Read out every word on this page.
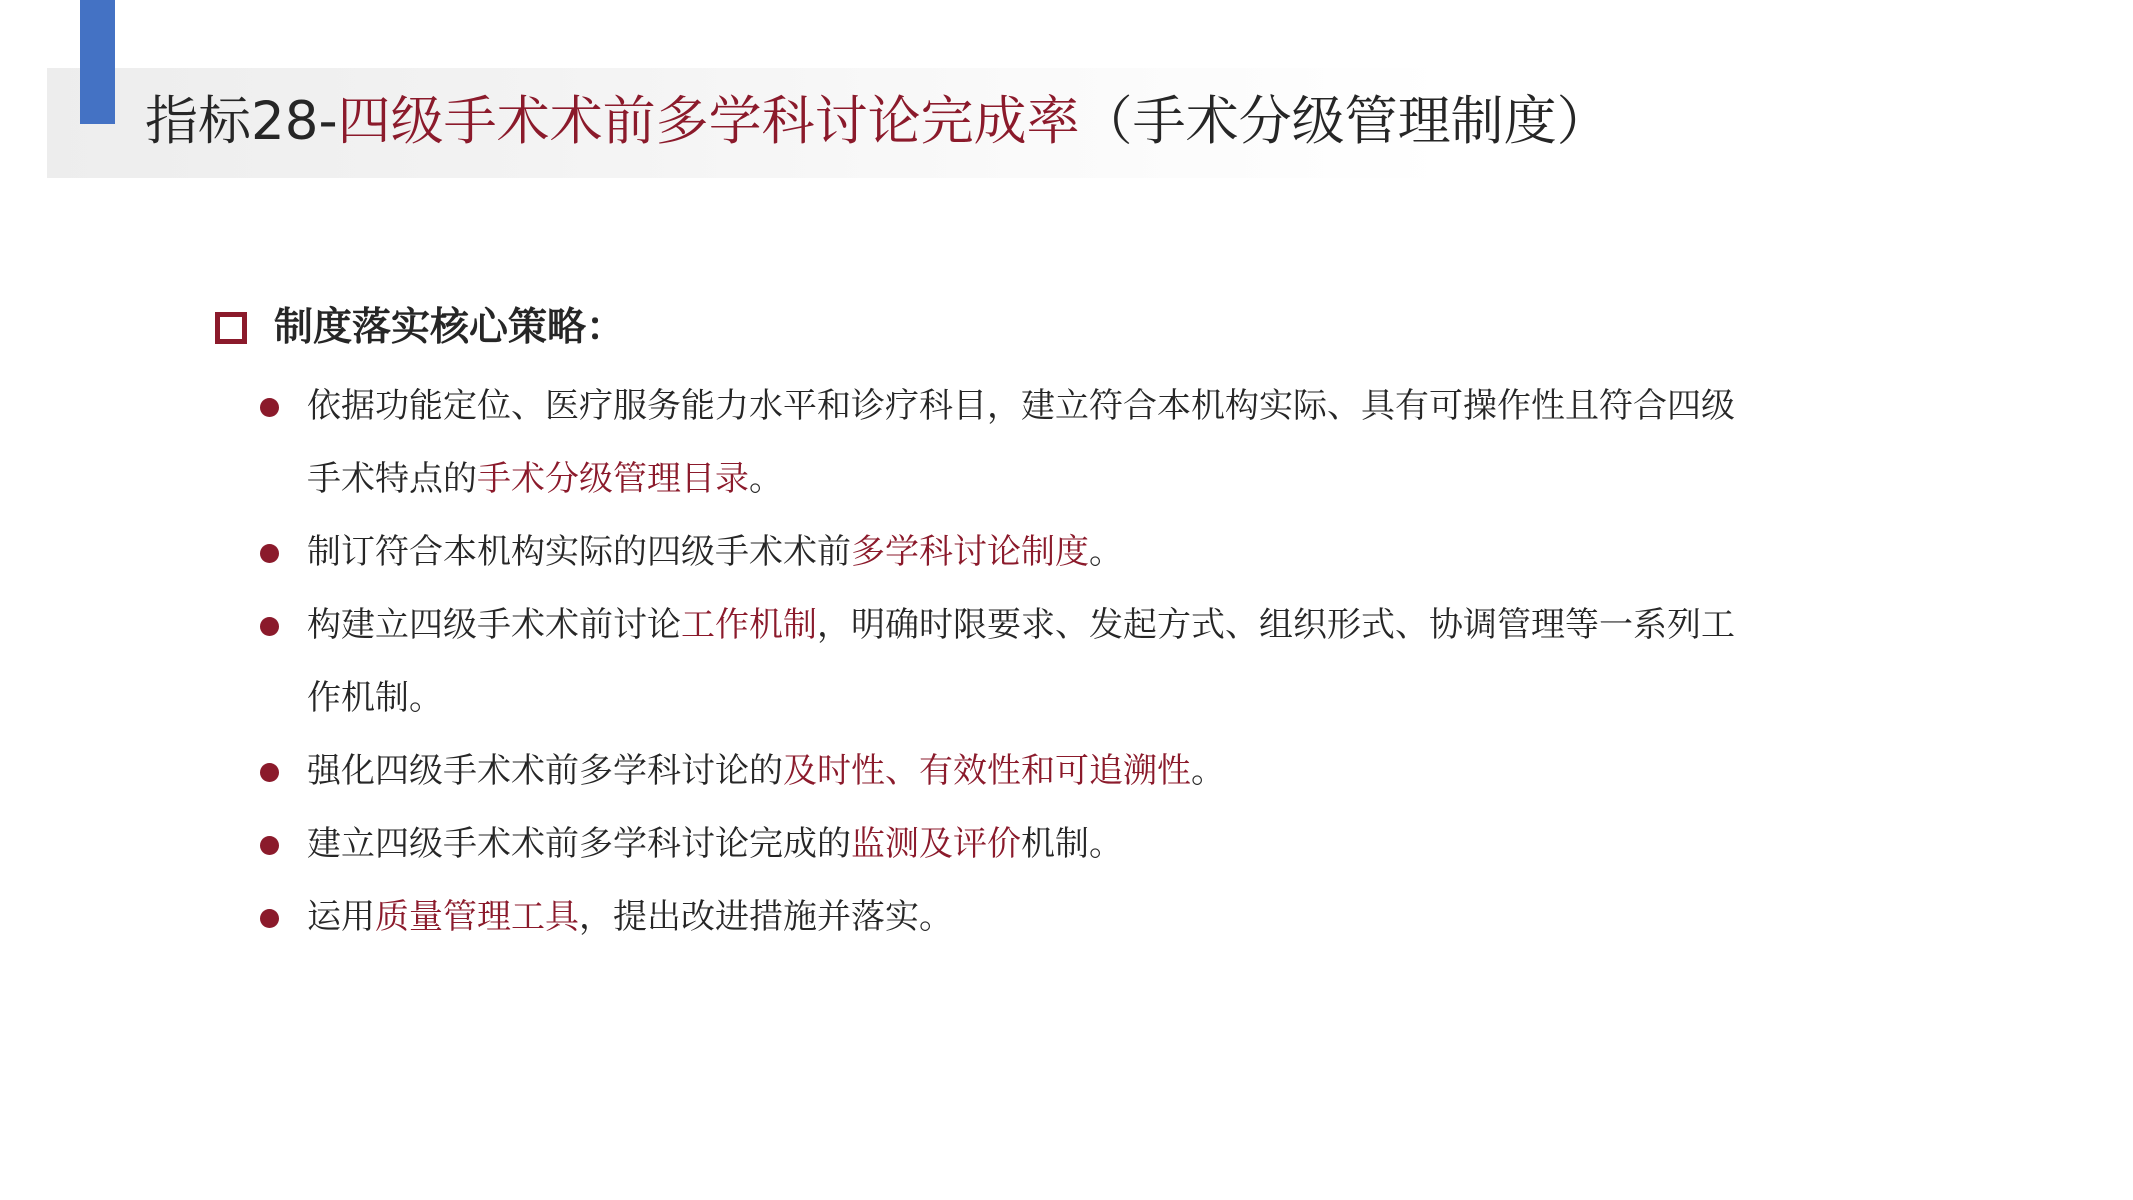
指标28-四级手术术前多学科讨论完成率（手术分级管理制度）
制度落实核心策略：
依据功能定位、医疗服务能力水平和诊疗科目，建立符合本机构实际、具有可操作性且符合四级
手术特点的手术分级管理目录。
制订符合本机构实际的四级手术术前多学科讨论制度。
构建立四级手术术前讨论工作机制，明确时限要求、发起方式、组织形式、协调管理等一系列工
作机制。
强化四级手术术前多学科讨论的及时性、有效性和可追溯性。
建立四级手术术前多学科讨论完成的监测及评价机制。
运用质量管理工具，提出改进措施并落实。
